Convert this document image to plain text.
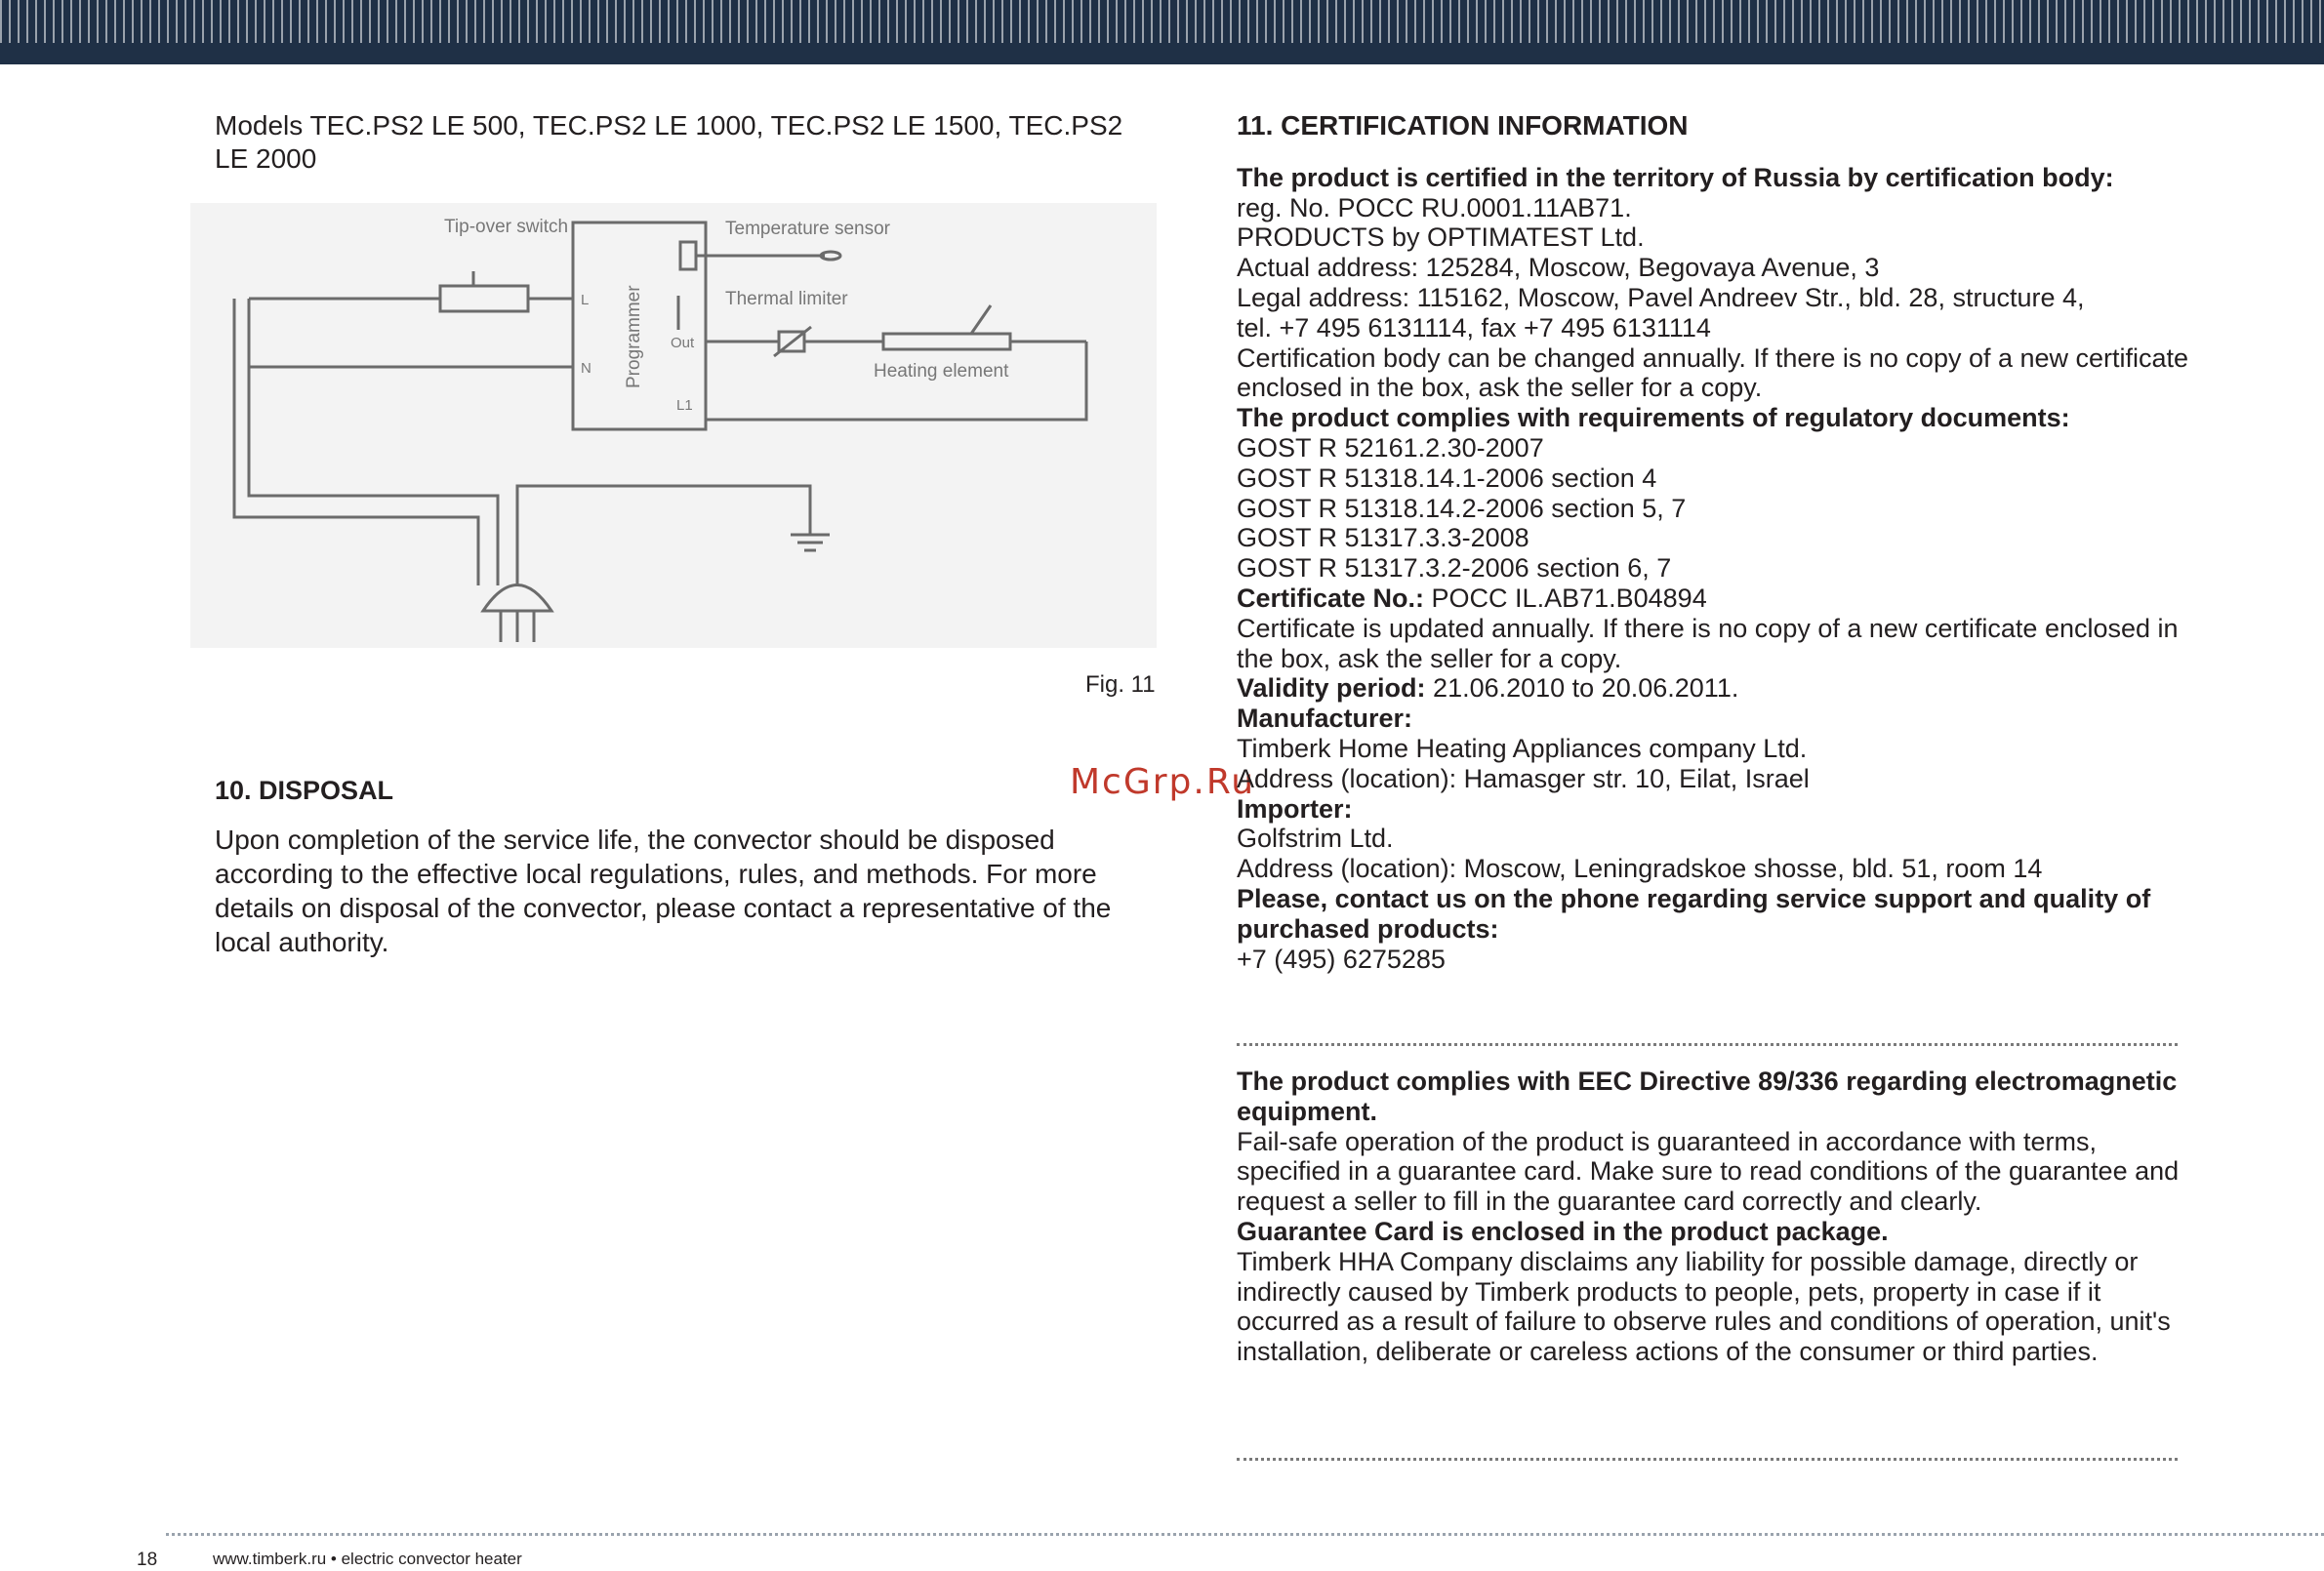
Models TEC.PS2 LE 500, TEC.PS2 LE 1000, TEC.PS2 LE 1500, TEC.PS2 LE 2000

Tip-over switch	Temperature sensor
Thermal limiter
Heating element
Programmer
L
N
Out
L1
Fig. 11
10. DISPOSAL

Upon completion of the service life, the convector should be disposed according to the effective local regulations, rules, and methods. For more details on disposal of the convector, please contact a representative of the local authority.

McGrp.Ru

11. CERTIFICATION INFORMATION

The product is certified in the territory of Russia by certification body:

reg. No. POCC RU.0001.11AB71.

PRODUCTS by OPTIMATEST Ltd.

Actual address: 125284, Moscow, Begovaya Avenue, 3

Legal address: 115162, Moscow, Pavel Andreev Str., bld. 28, structure 4,

tel. +7 495 6131114, fax +7 495 6131114

Certification body can be changed annually. If there is no copy of a new certificate enclosed in the box, ask the seller for a copy.

The product complies with requirements of regulatory documents:

GOST R 52161.2.30-2007

GOST R 51318.14.1-2006 section 4

GOST R 51318.14.2-2006 section 5, 7

GOST R 51317.3.3-2008

GOST R 51317.3.2-2006 section 6, 7

Certificate No.: POCC IL.AB71.B04894

Certificate is updated annually. If there is no copy of a new certificate enclosed in the box, ask the seller for a copy.

Validity period: 21.06.2010 to 20.06.2011.

Manufacturer:

Timberk Home Heating Appliances company Ltd.

Address (location): Hamasger str. 10, Eilat, Israel

Importer:

Golfstrim Ltd.

Address (location): Moscow, Leningradskoe shosse, bld. 51, room 14

Please, contact us on the phone regarding service support and quality of purchased products:

+7 (495) 6275285

The product complies with EEC Directive 89/336 regarding electromagnetic equipment.

Fail-safe operation of the product is guaranteed in accordance with terms, specified in a guarantee card. Make sure to read conditions of the guarantee and request a seller to fill in the guarantee card correctly and clearly.

Guarantee Card is enclosed in the product package.

Timberk HHA Company disclaims any liability for possible damage, directly or indirectly caused by Timberk products to people, pets, property in case if it occurred as a result of failure to observe rules and conditions of operation, unit's installation, deliberate or careless actions of the consumer or third parties.

18	www.timberk.ru • electric convector heater
